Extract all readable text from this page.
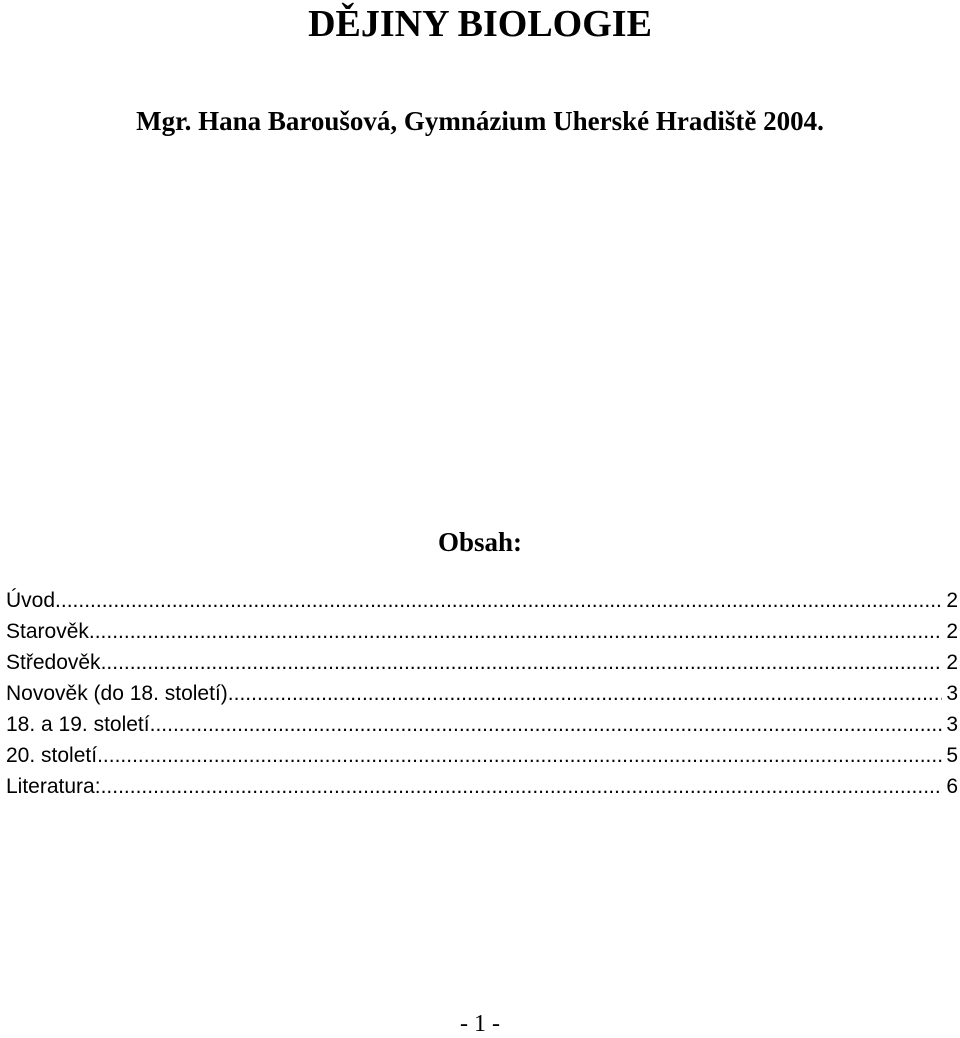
DĚJINY BIOLOGIE

Mgr. Hana Baroušová, Gymnázium Uherské Hradiště 2004.

Obsah:
Úvod .....	2
Starověk .....	2
Středověk .....	2
Novověk (do 18. století) .....	3
18. a 19. století .....	3
20. století .....	5
Literatura: .....	6
- 1 -
